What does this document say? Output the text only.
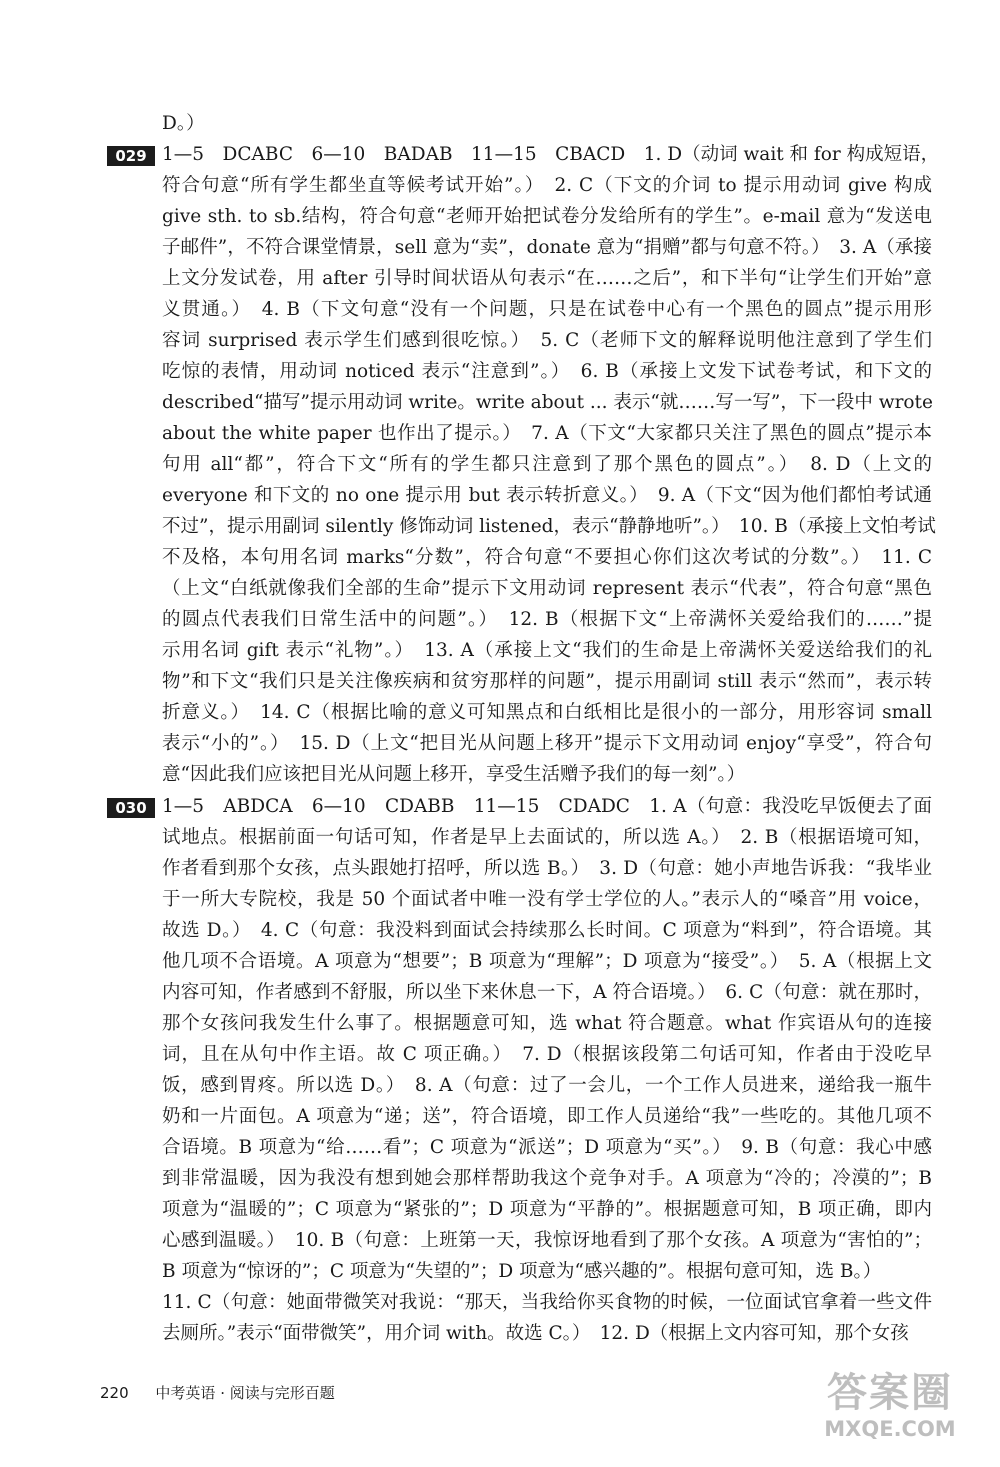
D。）
1—5　DCABC　6—10　BADAB　11—15　CBACD　1. D（动词 wait 和 for 构成短语，
符合句意“所有学生都坐直等候考试开始”。）　2. C（下文的介词 to 提示用动词 give 构成
give sth. to sb.结构，符合句意“老师开始把试卷分发给所有的学生”。e-mail 意为“发送电
子邮件”，不符合课堂情景，sell 意为“卖”，donate 意为“捐赠”都与句意不符。）　3. A（承接
上文分发试卷，用 after 引导时间状语从句表示“在……之后”，和下半句“让学生们开始”意
义贯通。）　4. B（下文句意“没有一个问题，只是在试卷中心有一个黑色的圆点”提示用形
容词 surprised 表示学生们感到很吃惊。）　5. C（老师下文的解释说明他注意到了学生们
吃惊的表情，用动词 noticed 表示“注意到”。）　6. B（承接上文发下试卷考试，和下文的
described“描写”提示用动词 write。write about ... 表示“就……写一写”，下一段中 wrote
about the white paper 也作出了提示。）　7. A（下文“大家都只关注了黑色的圆点”提示本
句用 all“都”，符合下文“所有的学生都只注意到了那个黑色的圆点”。）　8. D（上文的
everyone 和下文的 no one 提示用 but 表示转折意义。）　9. A（下文“因为他们都怕考试通
不过”，提示用副词 silently 修饰动词 listened，表示“静静地听”。）　10. B（承接上文怕考试
不及格，本句用名词 marks“分数”，符合句意“不要担心你们这次考试的分数”。）　11. C
（上文“白纸就像我们全部的生命”提示下文用动词 represent 表示“代表”，符合句意“黑色
的圆点代表我们日常生活中的问题”。）　12. B（根据下文“上帝满怀关爱给我们的……”提
示用名词 gift 表示“礼物”。）　13. A（承接上文“我们的生命是上帝满怀关爱送给我们的礼
物”和下文“我们只是关注像疾病和贫穷那样的问题”，提示用副词 still 表示“然而”，表示转
折意义。）　14. C（根据比喻的意义可知黑点和白纸相比是很小的一部分，用形容词 small
表示“小的”。）　15. D（上文“把目光从问题上移开”提示下文用动词 enjoy“享受”，符合句
意“因此我们应该把目光从问题上移开，享受生活赠予我们的每一刻”。）
1—5　ABDCA　6—10　CDABB　11—15　CDADC　1. A（句意：我没吃早饭便去了面
试地点。根据前面一句话可知，作者是早上去面试的，所以选 A。）　2. B（根据语境可知，
作者看到那个女孩，点头跟她打招呼，所以选 B。）　3. D（句意：她小声地告诉我：“我毕业
于一所大专院校，我是 50 个面试者中唯一没有学士学位的人。”表示人的“嗓音”用 voice，
故选 D。）　4. C（句意：我没料到面试会持续那么长时间。C 项意为“料到”，符合语境。其
他几项不合语境。A 项意为“想要”；B 项意为“理解”；D 项意为“接受”。）　5. A（根据上文
内容可知，作者感到不舒服，所以坐下来休息一下，A 符合语境。）　6. C（句意：就在那时，
那个女孩问我发生什么事了。根据题意可知，选 what 符合题意。what 作宾语从句的连接
词，且在从句中作主语。故 C 项正确。）　7. D（根据该段第二句话可知，作者由于没吃早
饭，感到胃疼。所以选 D。）　8. A（句意：过了一会儿，一个工作人员进来，递给我一瓶牛
奶和一片面包。A 项意为“递；送”，符合语境，即工作人员递给“我”一些吃的。其他几项不
合语境。B 项意为“给……看”；C 项意为“派送”；D 项意为“买”。）　9. B（句意：我心中感
到非常温暖，因为我没有想到她会那样帮助我这个竞争对手。A 项意为“冷的；冷漠的”；B
项意为“温暖的”；C 项意为“紧张的”；D 项意为“平静的”。根据题意可知，B 项正确，即内
心感到温暖。）　10. B（句意：上班第一天，我惊讶地看到了那个女孩。A 项意为“害怕的”；
B 项意为“惊讶的”；C 项意为“失望的”；D 项意为“感兴趣的”。根据句意可知，选 B。）
11. C（句意：她面带微笑对我说：“那天，当我给你买食物的时候，一位面试官拿着一些文件
去厕所。”表示“面带微笑”，用介词 with。故选 C。）　12. D（根据上文内容可知，那个女孩
029
030
220 中考英语 · 阅读与完形百题	答案圈
MXQE.COM
